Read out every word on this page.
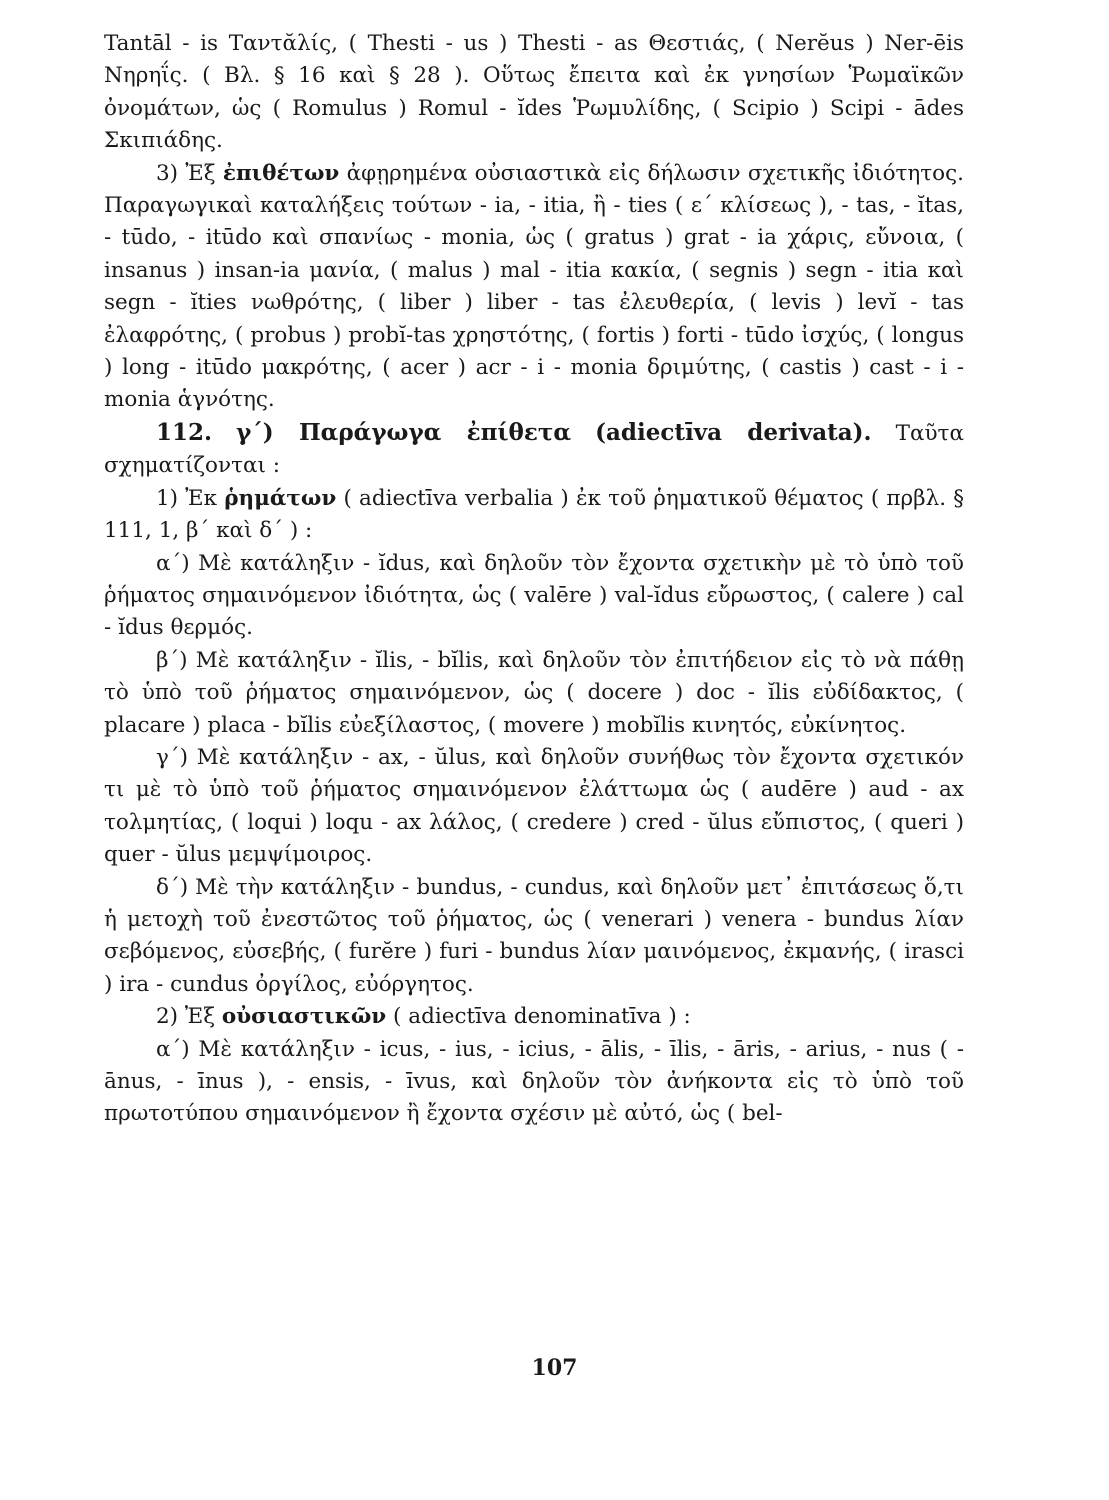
Tantāl - is Ταντᾰλίς, ( Thesti - us ) Thesti - as Θεστιάς, ( Nerĕus ) Ner-ēis Νηρηΐς. ( Βλ. § 16 καὶ § 28 ). Οὕτως ἔπειτα καὶ ἐκ γνησίων Ῥωμαϊκῶν ὀνομάτων, ὡς ( Romulus ) Romul - ĭdes Ῥωμυλίδης, ( Scipio ) Scipi - ādes Σκιπιάδης.

3) Ἐξ ἐπιθέτων ἀφῃρημένα οὐσιαστικὰ εἰς δήλωσιν σχετικῆς ἰδιότητος. Παραγωγικαὶ καταλήξεις τούτων - ia, - itia, ἢ - ties ( ε΄ κλίσεως ), - tas, - ĭtas, - tūdo, - itūdo καὶ σπανίως - monia, ὡς ( gratus ) grat - ia χάρις, εὔνοια, ( insanus ) insan-ia μανία, ( malus ) mal - itia κακία, ( segnis ) segn - itia καὶ segn - ĭties νωθρότης, ( liber ) liber - tas ἐλευθερία, ( levis ) levĭ - tas ἐλαφρότης, ( probus ) probĭ-tas χρηστότης, ( fortis ) forti - tūdo ἰσχύς, ( longus ) long - itūdo μακρότης, ( acer ) acr - i - monia δριμύτης, ( castis ) cast - i - monia ἁγνότης.

112. γ΄) Παράγωγα ἐπίθετα (adiectīva derivata). Ταῦτα σχηματίζονται :

1) Ἐκ ῥημάτων ( adiectīva verbalia ) ἐκ τοῦ ῥηματικοῦ θέματος ( πρβλ. § 111, 1, β΄ καὶ δ΄ ) :

α΄) Μὲ κατάληξιν - ĭdus, καὶ δηλοῦν τὸν ἔχοντα σχετικὴν μὲ τὸ ὑπὸ τοῦ ῥήματος σημαινόμενον ἰδιότητα, ὡς ( valēre ) val-ĭdus εὔρωστος, ( calere ) cal - ĭdus θερμός.

β΄) Μὲ κατάληξιν - ĭlis, - bĭlis, καὶ δηλοῦν τὸν ἐπιτήδειον εἰς τὸ νὰ πάθῃ τὸ ὑπὸ τοῦ ῥήματος σημαινόμενον, ὡς ( docere ) doc - ĭlis εὐδίδακτος, ( placare ) placa - bĭlis εὐεξίλαστος, ( movere ) mobĭlis κινητός, εὐκίνητος.

γ΄) Μὲ κατάληξιν - ax, - ŭlus, καὶ δηλοῦν συνήθως τὸν ἔχοντα σχετικόν τι μὲ τὸ ὑπὸ τοῦ ῥήματος σημαινόμενον ἐλάττωμα ὡς ( audēre ) aud - ax τολμητίας, ( loqui ) loqu - ax λάλος, ( credere ) cred - ŭlus εὔπιστος, ( queri ) quer - ŭlus μεμψίμοιρος.

δ΄) Μὲ τὴν κατάληξιν - bundus, - cundus, καὶ δηλοῦν μετ᾿ ἐπιτάσεως ὅ,τι ἡ μετοχὴ τοῦ ἐνεστῶτος τοῦ ῥήματος, ὡς ( venerari ) venera - bundus λίαν σεβόμενος, εὐσεβής, ( furĕre ) furi - bundus λίαν μαινόμενος, ἐκμανής, ( irasci ) ira - cundus ὀργίλος, εὐόργητος.

2) Ἐξ οὐσιαστικῶν ( adiectīva denominatīva ) :

α΄) Μὲ κατάληξιν - icus, - ius, - icius, - ālis, - īlis, - āris, - arius, - nus ( - ānus, - īnus ), - ensis, - īvus, καὶ δηλοῦν τὸν ἀνήκοντα εἰς τὸ ὑπὸ τοῦ πρωτοτύπου σημαινόμενον ἢ ἔχοντα σχέσιν μὲ αὐτό, ὡς ( bel-

107
